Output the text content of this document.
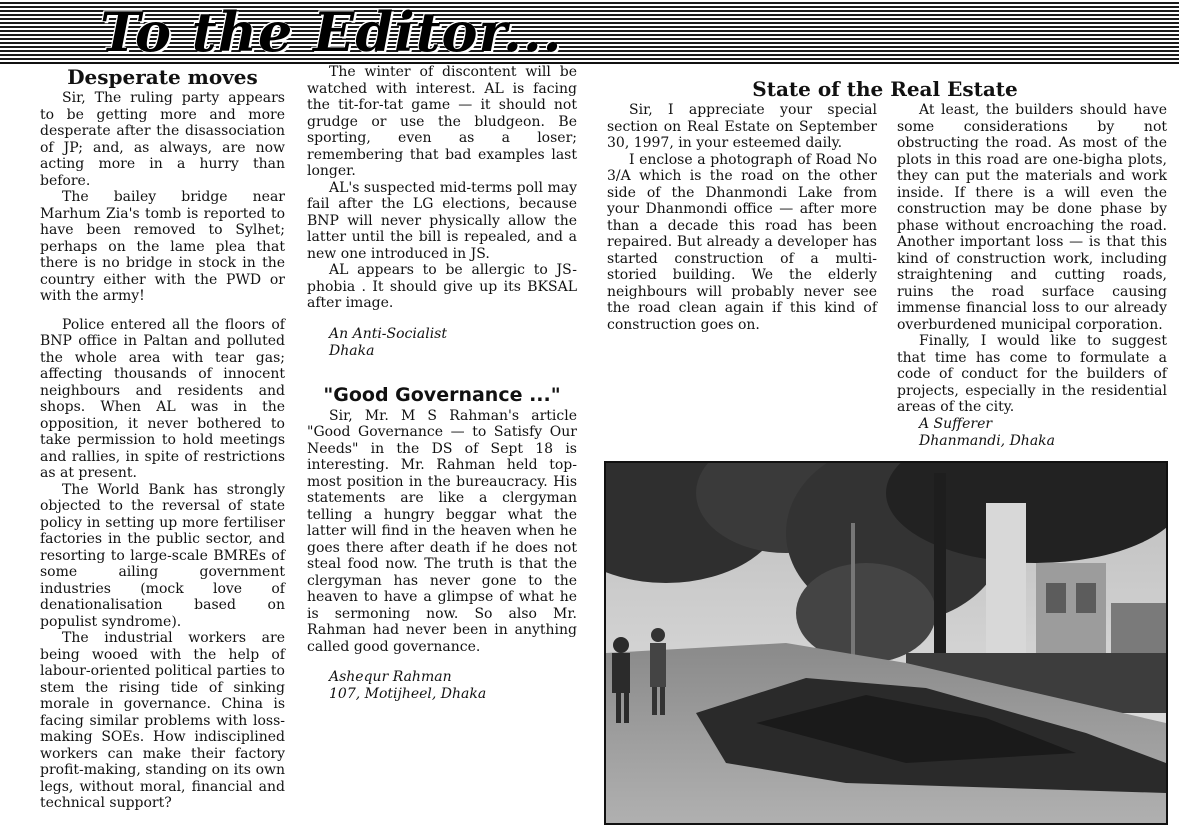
To the Editor...
Desperate moves

Sir, The ruling party appears to be getting more and more desperate after the disassociation of JP; and, as always, are now acting more in a hurry than before.

The bailey bridge near Marhum Zia's tomb is reported to have been removed to Sylhet; perhaps on the lame plea that there is no bridge in stock in the country either with the PWD or with the army!

Police entered all the floors of BNP office in Paltan and polluted the whole area with tear gas; affecting thousands of innocent neighbours and residents and shops. When AL was in the opposition, it never bothered to take permission to hold meetings and rallies, in spite of restrictions as at present.

The World Bank has strongly objected to the reversal of state policy in setting up more fertiliser factories in the public sector, and resorting to large-scale BMREs of some ailing government industries (mock love of denationalisation based on populist syndrome).

The industrial workers are being wooed with the help of labour-oriented political parties to stem the rising tide of sinking morale in governance. China is facing similar problems with loss-making SOEs. How indisciplined workers can make their factory profit-making, standing on its own legs, without moral, financial and technical support?

The winter of discontent will be watched with interest. AL is facing the tit-for-tat game — it should not grudge or use the bludgeon. Be sporting, even as a loser; remembering that bad examples last longer.

AL's suspected mid-terms poll may fail after the LG elections, because BNP will never physically allow the latter until the bill is repealed, and a new one introduced in JS.

AL appears to be allergic to JS-phobia . It should give up its BKSAL after image.

An Anti-Socialist

Dhaka

"Good Governance ..."

Sir, Mr. M S Rahman's article "Good Governance — to Satisfy Our Needs" in the DS of Sept 18 is interesting. Mr. Rahman held top-most position in the bureaucracy. His statements are like a clergyman telling a hungry beggar what the latter will find in the heaven when he goes there after death if he does not steal food now. The truth is that the clergyman has never gone to the heaven to have a glimpse of what he is sermoning now. So also Mr. Rahman had never been in anything called good governance.

Ashequr Rahman

107, Motijheel, Dhaka

State of the Real Estate

Sir, I appreciate your special section on Real Estate on September 30, 1997, in your esteemed daily.

I enclose a photograph of Road No 3/A which is the road on the other side of the Dhanmondi Lake from your Dhanmondi office — after more than a decade this road has been repaired. But already a developer has started construction of a multi-storied building. We the elderly neighbours will probably never see the road clean again if this kind of construction goes on.

At least, the builders should have some considerations by not obstructing the road. As most of the plots in this road are one-bigha plots, they can put the materials and work inside. If there is a will even the construction may be done phase by phase without encroaching the road. Another important loss — is that this kind of construction work, including straightening and cutting roads, ruins the road surface causing immense financial loss to our already overburdened municipal corporation.

Finally, I would like to suggest that time has come to formulate a code of conduct for the builders of projects, especially in the residential areas of the city.

A Sufferer

Dhanmandi, Dhaka
